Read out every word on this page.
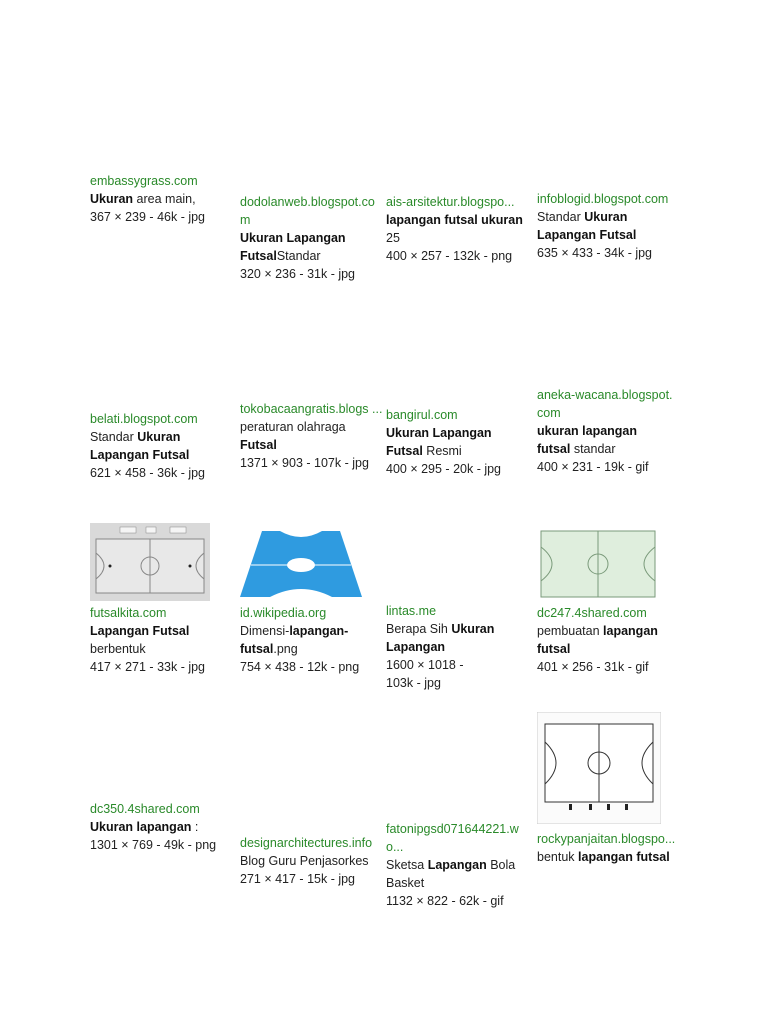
embassygrass.com
Ukuran area main,
367 × 239 - 46k - jpg
dodolanweb.blogspot.com
Ukuran Lapangan FutsalStandar
320 × 236 - 31k - jpg
ais-arsitektur.blogspo...
lapangan futsal ukuran 25
400 × 257 - 132k - png
infoblogid.blogspot.com
Standar Ukuran Lapangan Futsal
635 × 433 - 34k - jpg
belati.blogspot.com
Standar Ukuran Lapangan Futsal
621 × 458 - 36k - jpg
tokobacaangratis.blogs ...
peraturan olahraga Futsal
1371 × 903 - 107k - jpg
bangirul.com
Ukuran Lapangan Futsal Resmi
400 × 295 - 20k - jpg
aneka-wacana.blogspot.com
ukuran lapangan futsal standar
400 × 231 - 19k - gif
futsalkita.com
Lapangan Futsal berbentuk
417 × 271 - 33k - jpg
id.wikipedia.org
Dimensi-lapangan-futsal.png
754 × 438 - 12k - png
lintas.me
Berapa Sih Ukuran Lapangan
1600 × 1018 - 103k - jpg
dc247.4shared.com
pembuatan lapangan futsal
401 × 256 - 31k - gif
dc350.4shared.com
Ukuran lapangan :
1301 × 769 - 49k - png	designarchitectures.info
Blog Guru Penjasorkes
271 × 417 - 15k - jpg
fatonipgsd071644221.wo...
Sketsa Lapangan Bola Basket
1132 × 822 - 62k - gif
rockypanjaitan.blogspo...
bentuk lapangan futsal
